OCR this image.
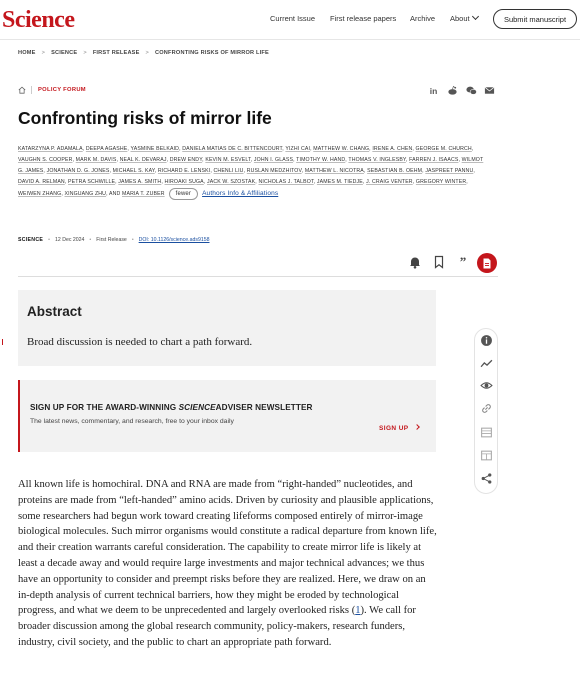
Science	Current Issue First release papers Archive About	Submit manuscript
HOME > SCIENCE > FIRST RELEASE > CONFRONTING RISKS OF MIRROR LIFE
POLICY FORUM	in
Confronting risks of mirror life
KATARZYNA P. ADAMALA, DEEPA AGASHE, YASMINE BELKAID, DANIELA MATIAS DE C. BITTENCOURT, YIZHI CAI, MATTHEW W. CHANG, IRENE A. CHEN, GEORGE M. CHURCH, VAUGHN S. COOPER, MARK M. DAVIS, NEAL K. DEVARAJ, DREW ENDY, KEVIN M. ESVELT, JOHN I. GLASS, TIMOTHY W. HAND, THOMAS V. INGLESBY, FARREN J. ISAACS, WILMOT G. JAMES, JONATHAN D. G. JONES, MICHAEL S. KAY, RICHARD E. LENSKI, CHENLI LIU, RUSLAN MEDZHITOV, MATTHEW L. NICOTRA, SEBASTIAN B. OEHM, JASPREET PANNU, DAVID A. RELMAN, PETRA SCHWILLE, JAMES A. SMITH, HIROAKI SUGA, JACK W. SZOSTAK, NICHOLAS J. TALBOT, JAMES M. TIEDJE, J. CRAIG VENTER, GREGORY WINTER, WEIWEN ZHANG, XINGUANG ZHU, AND MARIA T. ZUBER fewer Authors Info & Affiliations
SCIENCE • 12 Dec 2024 • First Release • DOI: 10.1126/science.ads9158
”
Abstract

Broad discussion is needed to chart a path forward.

SIGN UP FOR THE AWARD-WINNING SCIENCEADVISER NEWSLETTER
The latest news, commentary, and research, free to your inbox daily
SIGN UP

All known life is homochiral. DNA and RNA are made from “right-handed” nucleotides, and proteins are made from “left-handed” amino acids. Driven by curiosity and plausible applications, some researchers had begun work toward creating lifeforms composed entirely of mirror-image biological molecules. Such mirror organisms would constitute a radical departure from known life, and their creation warrants careful consideration. The capability to create mirror life is likely at least a decade away and would require large investments and major technical advances; we thus have an opportunity to consider and preempt risks before they are realized. Here, we draw on an in-depth analysis of current technical barriers, how they might be eroded by technological progress, and what we deem to be unprecedented and largely overlooked risks (1). We call for broader discussion among the global research community, policy-makers, research funders, industry, civil society, and the public to chart an appropriate path forward.
